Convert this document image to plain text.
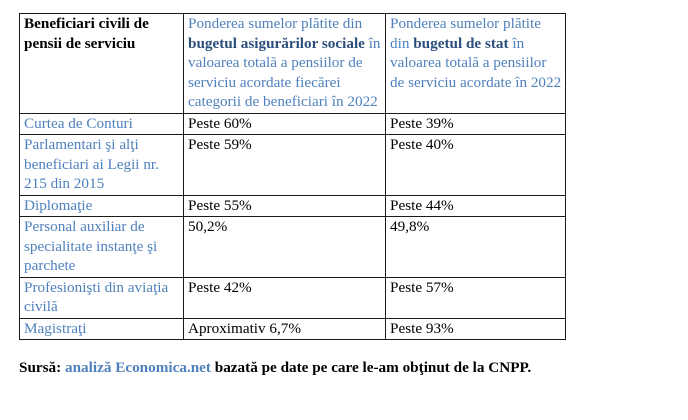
Beneficiari civili de pensii de serviciu	Ponderea sumelor plătite din bugetul asigurărilor sociale în valoarea totală a pensiilor de serviciu acordate fiecărei categorii de beneficiari în 2022	Ponderea sumelor plătite din bugetul de stat în valoarea totală a pensiilor de serviciu acordate în 2022
Curtea de Conturi	Peste 60%	Peste 39%
Parlamentari şi alţi beneficiari ai Legii nr. 215 din 2015	Peste 59%	Peste 40%
Diplomaţie	Peste 55%	Peste 44%
Personal auxiliar de specialitate instanţe şi parchete	50,2%	49,8%
Profesionişti din aviaţia civilă	Peste 42%	Peste 57%
Magistraţi	Aproximativ 6,7%	Peste 93%
Sursă: analiză Economica.net bazată pe date pe care le-am obţinut de la CNPP.
